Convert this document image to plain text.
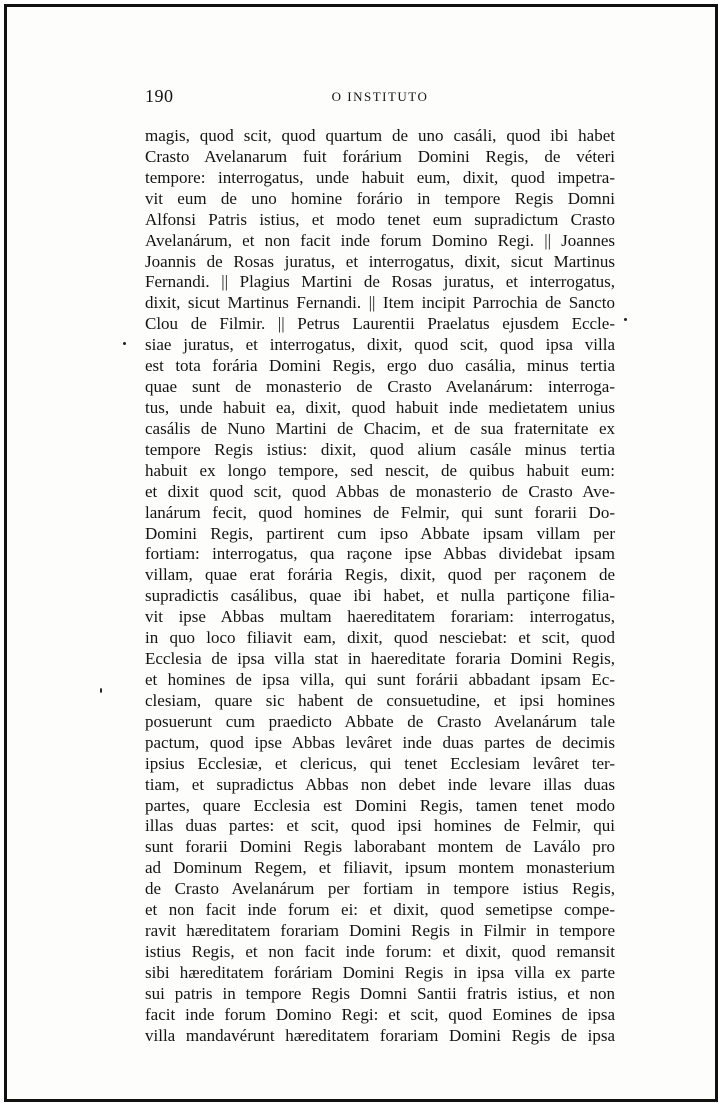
190	O INSTITUTO
magis, quod scit, quod quartum de uno casáli, quod ibi habet
Crasto Avelanarum fuit forárium Domini Regis, de véteri
tempore: interrogatus, unde habuit eum, dixit, quod impetra-
vit eum de uno homine forário in tempore Regis Domni
Alfonsi Patris istius, et modo tenet eum supradictum Crasto
Avelanárum, et non facit inde forum Domino Regi. || Joannes
Joannis de Rosas juratus, et interrogatus, dixit, sicut Martinus
Fernandi. || Plagius Martini de Rosas juratus, et interrogatus,
dixit, sicut Martinus Fernandi. || Item incipit Parrochia de Sancto
Clou de Filmir. || Petrus Laurentii Praelatus ejusdem Eccle-
siae juratus, et interrogatus, dixit, quod scit, quod ipsa villa
est tota forária Domini Regis, ergo duo casália, minus tertia
quae sunt de monasterio de Crasto Avelanárum: interroga-
tus, unde habuit ea, dixit, quod habuit inde medietatem unius
casális de Nuno Martini de Chacim, et de sua fraternitate ex
tempore Regis istius: dixit, quod alium casále minus tertia
habuit ex longo tempore, sed nescit, de quibus habuit eum:
et dixit quod scit, quod Abbas de monasterio de Crasto Ave-
lanárum fecit, quod homines de Felmir, qui sunt forarii Do-
Domini Regis, partirent cum ipso Abbate ipsam villam per
fortiam: interrogatus, qua raçone ipse Abbas dividebat ipsam
villam, quae erat forária Regis, dixit, quod per raçonem de
supradictis casálibus, quae ibi habet, et nulla partiçone filia-
vit ipse Abbas multam haereditatem forariam: interrogatus,
in quo loco filiavit eam, dixit, quod nesciebat: et scit, quod
Ecclesia de ipsa villa stat in haereditate foraria Domini Regis,
et homines de ipsa villa, qui sunt forárii abbadant ipsam Ec-
clesiam, quare sic habent de consuetudine, et ipsi homines
posuerunt cum praedicto Abbate de Crasto Avelanárum tale
pactum, quod ipse Abbas levâret inde duas partes de decimis
ipsius Ecclesiæ, et clericus, qui tenet Ecclesiam levâret ter-
tiam, et supradictus Abbas non debet inde levare illas duas
partes, quare Ecclesia est Domini Regis, tamen tenet modo
illas duas partes: et scit, quod ipsi homines de Felmir, qui
sunt forarii Domini Regis laborabant montem de Laválo pro
ad Dominum Regem, et filiavit, ipsum montem monasterium
de Crasto Avelanárum per fortiam in tempore istius Regis,
et non facit inde forum ei: et dixit, quod semetipse compe-
ravit hæreditatem forariam Domini Regis in Filmir in tempore
istius Regis, et non facit inde forum: et dixit, quod remansit
sibi hæreditatem foráriam Domini Regis in ipsa villa ex parte
sui patris in tempore Regis Domni Santii fratris istius, et non
facit inde forum Domino Regi: et scit, quod Eomines de ipsa
villa mandavérunt hæreditatem forariam Domini Regis de ipsa
